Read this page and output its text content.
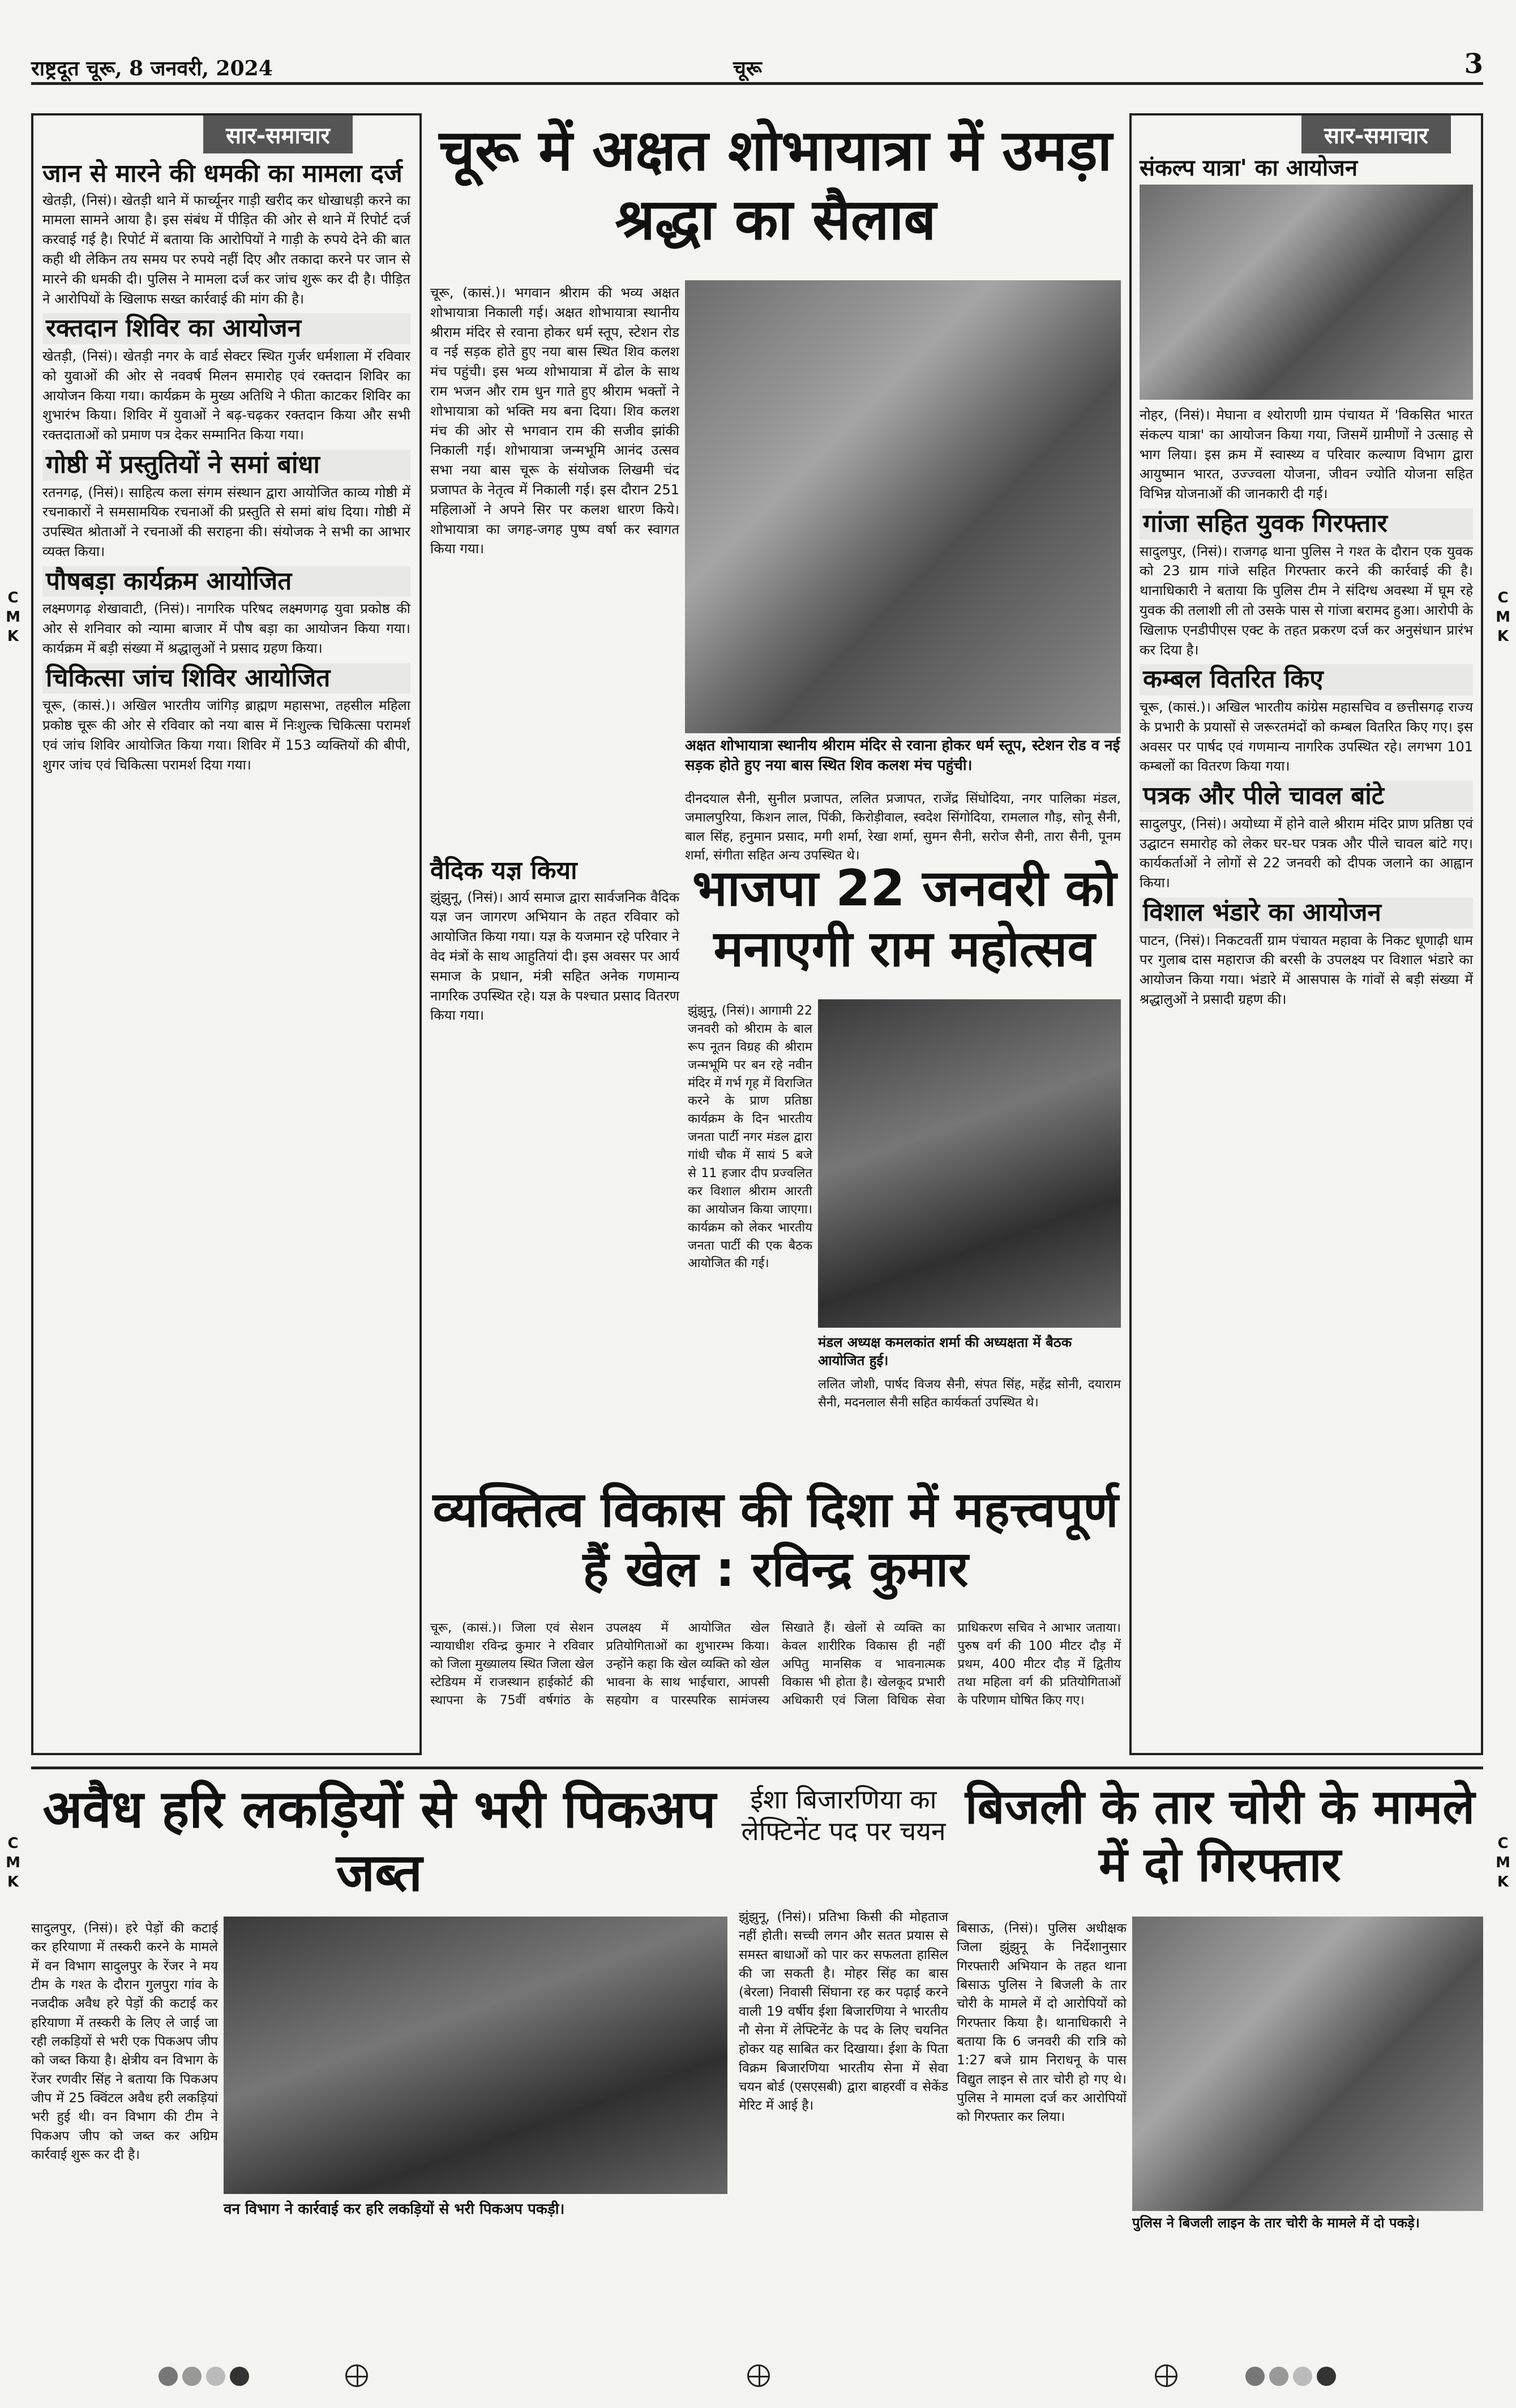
राष्ट्रदूत चूरू, 8 जनवरी, 2024	चूरू	3
C
M
K
C
M
K
C
M
K
C
M
K
सार-समाचार
जान से मारने की धमकी का मामला दर्ज
खेतड़ी, (निसं)। खेतड़ी थाने में फार्च्यूनर गाड़ी खरीद कर धोखाधड़ी करने का मामला सामने आया है। इस संबंध में पीड़ित की ओर से थाने में रिपोर्ट दर्ज करवाई गई है। रिपोर्ट में बताया कि आरोपियों ने गाड़ी के रुपये देने की बात कही थी लेकिन तय समय पर रुपये नहीं दिए और तकादा करने पर जान से मारने की धमकी दी। पुलिस ने मामला दर्ज कर जांच शुरू कर दी है। पीड़ित ने आरोपियों के खिलाफ सख्त कार्रवाई की मांग की है।
रक्तदान शिविर का आयोजन
खेतड़ी, (निसं)। खेतड़ी नगर के वार्ड सेक्टर स्थित गुर्जर धर्मशाला में रविवार को युवाओं की ओर से नववर्ष मिलन समारोह एवं रक्तदान शिविर का आयोजन किया गया। कार्यक्रम के मुख्य अतिथि ने फीता काटकर शिविर का शुभारंभ किया। शिविर में युवाओं ने बढ़-चढ़कर रक्तदान किया और सभी रक्तदाताओं को प्रमाण पत्र देकर सम्मानित किया गया।
गोष्ठी में प्रस्तुतियों ने समां बांधा
रतनगढ़, (निसं)। साहित्य कला संगम संस्थान द्वारा आयोजित काव्य गोष्ठी में रचनाकारों ने समसामयिक रचनाओं की प्रस्तुति से समां बांध दिया। गोष्ठी में उपस्थित श्रोताओं ने रचनाओं की सराहना की। संयोजक ने सभी का आभार व्यक्त किया।
पौषबड़ा कार्यक्रम आयोजित
लक्ष्मणगढ़ शेखावाटी, (निसं)। नागरिक परिषद लक्ष्मणगढ़ युवा प्रकोष्ठ की ओर से शनिवार को न्यामा बाजार में पौष बड़ा का आयोजन किया गया। कार्यक्रम में बड़ी संख्या में श्रद्धालुओं ने प्रसाद ग्रहण किया।
चिकित्सा जांच शिविर आयोजित
चूरू, (कासं.)। अखिल भारतीय जांगिड़ ब्राह्मण महासभा, तहसील महिला प्रकोष्ठ चूरू की ओर से रविवार को नया बास में निःशुल्क चिकित्सा परामर्श एवं जांच शिविर आयोजित किया गया। शिविर में 153 व्यक्तियों की बीपी, शुगर जांच एवं चिकित्सा परामर्श दिया गया।
चूरू में अक्षत शोभायात्रा में उमड़ा श्रद्धा का सैलाब
चूरू, (कासं.)। भगवान श्रीराम की भव्य अक्षत शोभायात्रा निकाली गई। अक्षत शोभायात्रा स्थानीय श्रीराम मंदिर से रवाना होकर धर्म स्तूप, स्टेशन रोड व नई सड़क होते हुए नया बास स्थित शिव कलश मंच पहुंची। इस भव्य शोभायात्रा में ढोल के साथ राम भजन और राम धुन गाते हुए श्रीराम भक्तों ने शोभायात्रा को भक्ति मय बना दिया। शिव कलश मंच की ओर से भगवान राम की सजीव झांकी निकाली गई। शोभायात्रा जन्मभूमि आनंद उत्सव सभा नया बास चूरू के संयोजक लिखमी चंद प्रजापत के नेतृत्व में निकाली गई। इस दौरान 251 महिलाओं ने अपने सिर पर कलश धारण किये। शोभायात्रा का जगह-जगह पुष्प वर्षा कर स्वागत किया गया।
अक्षत शोभायात्रा स्थानीय श्रीराम मंदिर से रवाना होकर धर्म स्तूप, स्टेशन रोड व नई सड़क होते हुए नया बास स्थित शिव कलश मंच पहुंची।
दीनदयाल सैनी, सुनील प्रजापत, ललित प्रजापत, राजेंद्र सिंघोदिया, नगर पालिका मंडल, जमालपुरिया, किशन लाल, पिंकी, किरोड़ीवाल, स्वदेश सिंगोदिया, रामलाल गौड़, सोनू सैनी, बाल सिंह, हनुमान प्रसाद, मगी शर्मा, रेखा शर्मा, सुमन सैनी, सरोज सैनी, तारा सैनी, पूनम शर्मा, संगीता सहित अन्य उपस्थित थे।
वैदिक यज्ञ किया
झुंझुनू, (निसं)। आर्य समाज द्वारा सार्वजनिक वैदिक यज्ञ जन जागरण अभियान के तहत रविवार को आयोजित किया गया। यज्ञ के यजमान रहे परिवार ने वेद मंत्रों के साथ आहुतियां दी। इस अवसर पर आर्य समाज के प्रधान, मंत्री सहित अनेक गणमान्य नागरिक उपस्थित रहे। यज्ञ के पश्चात प्रसाद वितरण किया गया।
भाजपा 22 जनवरी को मनाएगी राम महोत्सव
झुंझुनू, (निसं)। आगामी 22 जनवरी को श्रीराम के बाल रूप नूतन विग्रह की श्रीराम जन्मभूमि पर बन रहे नवीन मंदिर में गर्भ गृह में विराजित करने के प्राण प्रतिष्ठा कार्यक्रम के दिन भारतीय जनता पार्टी नगर मंडल द्वारा गांधी चौक में सायं 5 बजे से 11 हजार दीप प्रज्वलित कर विशाल श्रीराम आरती का आयोजन किया जाएगा। कार्यक्रम को लेकर भारतीय जनता पार्टी की एक बैठक आयोजित की गई।
मंडल अध्यक्ष कमलकांत शर्मा की अध्यक्षता में बैठक आयोजित हुई।
ललित जोशी, पार्षद विजय सैनी, संपत सिंह, महेंद्र सोनी, दयाराम सैनी, मदनलाल सैनी सहित कार्यकर्ता उपस्थित थे।
सार-समाचार
संकल्प यात्रा' का आयोजन
नोहर, (निसं)। मेघाना व श्योराणी ग्राम पंचायत में 'विकसित भारत संकल्प यात्रा' का आयोजन किया गया, जिसमें ग्रामीणों ने उत्साह से भाग लिया। इस क्रम में स्वास्थ्य व परिवार कल्याण विभाग द्वारा आयुष्मान भारत, उज्ज्वला योजना, जीवन ज्योति योजना सहित विभिन्न योजनाओं की जानकारी दी गई।
गांजा सहित युवक गिरफ्तार
सादुलपुर, (निसं)। राजगढ़ थाना पुलिस ने गश्त के दौरान एक युवक को 23 ग्राम गांजे सहित गिरफ्तार करने की कार्रवाई की है। थानाधिकारी ने बताया कि पुलिस टीम ने संदिग्ध अवस्था में घूम रहे युवक की तलाशी ली तो उसके पास से गांजा बरामद हुआ। आरोपी के खिलाफ एनडीपीएस एक्ट के तहत प्रकरण दर्ज कर अनुसंधान प्रारंभ कर दिया है।
कम्बल वितरित किए
चूरू, (कासं.)। अखिल भारतीय कांग्रेस महासचिव व छत्तीसगढ़ राज्य के प्रभारी के प्रयासों से जरूरतमंदों को कम्बल वितरित किए गए। इस अवसर पर पार्षद एवं गणमान्य नागरिक उपस्थित रहे। लगभग 101 कम्बलों का वितरण किया गया।
पत्रक और पीले चावल बांटे
सादुलपुर, (निसं)। अयोध्या में होने वाले श्रीराम मंदिर प्राण प्रतिष्ठा एवं उद्घाटन समारोह को लेकर घर-घर पत्रक और पीले चावल बांटे गए। कार्यकर्ताओं ने लोगों से 22 जनवरी को दीपक जलाने का आह्वान किया।
विशाल भंडारे का आयोजन
पाटन, (निसं)। निकटवर्ती ग्राम पंचायत महावा के निकट धूणाढ़ी धाम पर गुलाब दास महाराज की बरसी के उपलक्ष्य पर विशाल भंडारे का आयोजन किया गया। भंडारे में आसपास के गांवों से बड़ी संख्या में श्रद्धालुओं ने प्रसादी ग्रहण की।
व्यक्तित्व विकास की दिशा में महत्त्वपूर्ण हैं खेल : रविन्द्र कुमार
चूरू, (कासं.)। जिला एवं सेशन न्यायाधीश रविन्द्र कुमार ने रविवार को जिला मुख्यालय स्थित जिला खेल स्टेडियम में राजस्थान हाईकोर्ट की स्थापना के 75वीं वर्षगांठ के उपलक्ष्य में आयोजित खेल प्रतियोगिताओं का शुभारम्भ किया। उन्होंने कहा कि खेल व्यक्ति को खेल भावना के साथ भाईचारा, आपसी सहयोग व पारस्परिक सामंजस्य सिखाते हैं। खेलों से व्यक्ति का केवल शारीरिक विकास ही नहीं अपितु मानसिक व भावनात्मक विकास भी होता है। खेलकूद प्रभारी अधिकारी एवं जिला विधिक सेवा प्राधिकरण सचिव ने आभार जताया। पुरुष वर्ग की 100 मीटर दौड़ में प्रथम, 400 मीटर दौड़ में द्वितीय तथा महिला वर्ग की प्रतियोगिताओं के परिणाम घोषित किए गए।
अवैध हरि लकड़ियों से भरी पिकअप जब्त
सादुलपुर, (निसं)। हरे पेड़ों की कटाई कर हरियाणा में तस्करी करने के मामले में वन विभाग सादुलपुर के रेंजर ने मय टीम के गश्त के दौरान गुलपुरा गांव के नजदीक अवैध हरे पेड़ों की कटाई कर हरियाणा में तस्करी के लिए ले जाई जा रही लकड़ियों से भरी एक पिकअप जीप को जब्त किया है। क्षेत्रीय वन विभाग के रेंजर रणवीर सिंह ने बताया कि पिकअप जीप में 25 क्विंटल अवैध हरी लकड़ियां भरी हुई थी। वन विभाग की टीम ने पिकअप जीप को जब्त कर अग्रिम कार्रवाई शुरू कर दी है।
वन विभाग ने कार्रवाई कर हरि लकड़ियों से भरी पिकअप पकड़ी।
ईशा बिजारणिया का लेफ्टिनेंट पद पर चयन
झुंझुनू, (निसं)। प्रतिभा किसी की मोहताज नहीं होती। सच्ची लगन और सतत प्रयास से समस्त बाधाओं को पार कर सफलता हासिल की जा सकती है। मोहर सिंह का बास (बेरला) निवासी सिंघाना रह कर पढ़ाई करने वाली 19 वर्षीय ईशा बिजारणिया ने भारतीय नौ सेना में लेफ्टिनेंट के पद के लिए चयनित होकर यह साबित कर दिखाया। ईशा के पिता विक्रम बिजारणिया भारतीय सेना में सेवा चयन बोर्ड (एसएसबी) द्वारा बाहरवीं व सेकेंड मेरिट में आई है।
बिजली के तार चोरी के मामले में दो गिरफ्तार
बिसाऊ, (निसं)। पुलिस अधीक्षक जिला झुंझुनू के निर्देशानुसार गिरफ्तारी अभियान के तहत थाना बिसाऊ पुलिस ने बिजली के तार चोरी के मामले में दो आरोपियों को गिरफ्तार किया है। थानाधिकारी ने बताया कि 6 जनवरी की रात्रि को 1:27 बजे ग्राम निराधनू के पास विद्युत लाइन से तार चोरी हो गए थे। पुलिस ने मामला दर्ज कर आरोपियों को गिरफ्तार कर लिया।
पुलिस ने बिजली लाइन के तार चोरी के मामले में दो पकड़े।
